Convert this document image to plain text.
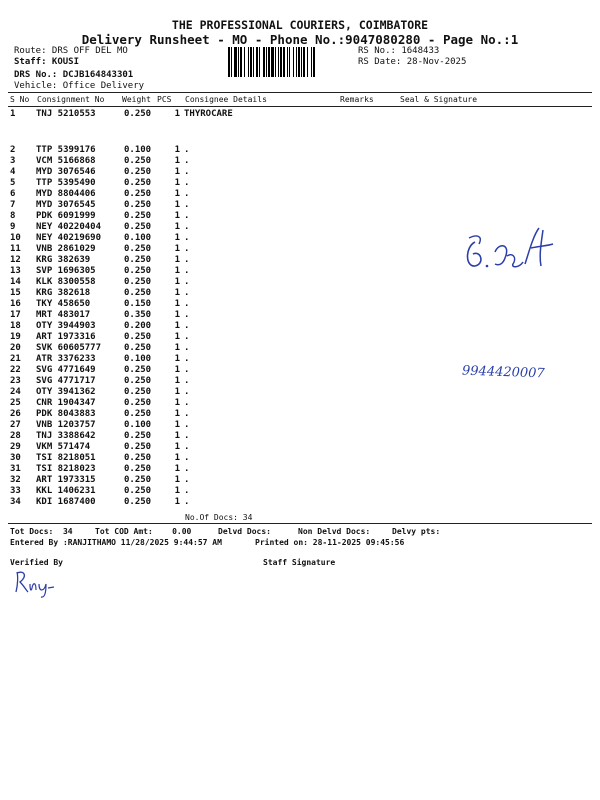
THE PROFESSIONAL COURIERS, COIMBATORE
Delivery Runsheet - MO - Phone No.:9047080280 - Page No.:1
Route: DRS OFF DEL MO
Staff: KOUSI
DRS No.: DCJB164843301
Vehicle: Office Delivery
RS No.: 1648433
RS Date: 28-Nov-2025
S No Consignment No Weight PCS Consignee Details	Remarks	Seal & Signature
1	TNJ 5210553	0.250	1	THYROCARE

2	TTP 5399176	0.100	1	.
3	VCM 5166868	0.250	1	.
4	MYD 3076546	0.250	1	.
5	TTP 5395490	0.250	1	.
6	MYD 8804406	0.250	1	.
7	MYD 3076545	0.250	1	.
8	PDK 6091999	0.250	1	.
9	NEY 40220404	0.250	1	.
10	NEY 40219690	0.100	1	.
11	VNB 2861029	0.250	1	.
12	KRG 382639	0.250	1	.
13	SVP 1696305	0.250	1	.
14	KLK 8300558	0.250	1	.
15	KRG 382618	0.250	1	.
16	TKY 458650	0.150	1	.
17	MRT 483017	0.350	1	.
18	OTY 3944903	0.200	1	.
19	ART 1973316	0.250	1	.
20	SVK 60605777	0.250	1	.
21	ATR 3376233	0.100	1	.
22	SVG 4771649	0.250	1	.
23	SVG 4771717	0.250	1	.
24	OTY 3941362	0.250	1	.
25	CNR 1904347	0.250	1	.
26	PDK 8043883	0.250	1	.
27	VNB 1203757	0.100	1	.
28	TNJ 3388642	0.250	1	.
29	VKM 571474	0.250	1	.
30	TSI 8218051	0.250	1	.
31	TSI 8218023	0.250	1	.
32	ART 1973315	0.250	1	.
33	KKL 1406231	0.250	1	.
34	KDI 1687400	0.250	1	.
No.Of Docs: 34
Tot Docs:  34	Tot COD Amt:    0.00	Delvd Docs:	Non Delvd Docs:	Delvy pts:
Entered By :RANJITHAMO 11/28/2025 9:44:57 AM	Printed on: 28-11-2025 09:45:56
Verified By	Staff Signature
9944420007
